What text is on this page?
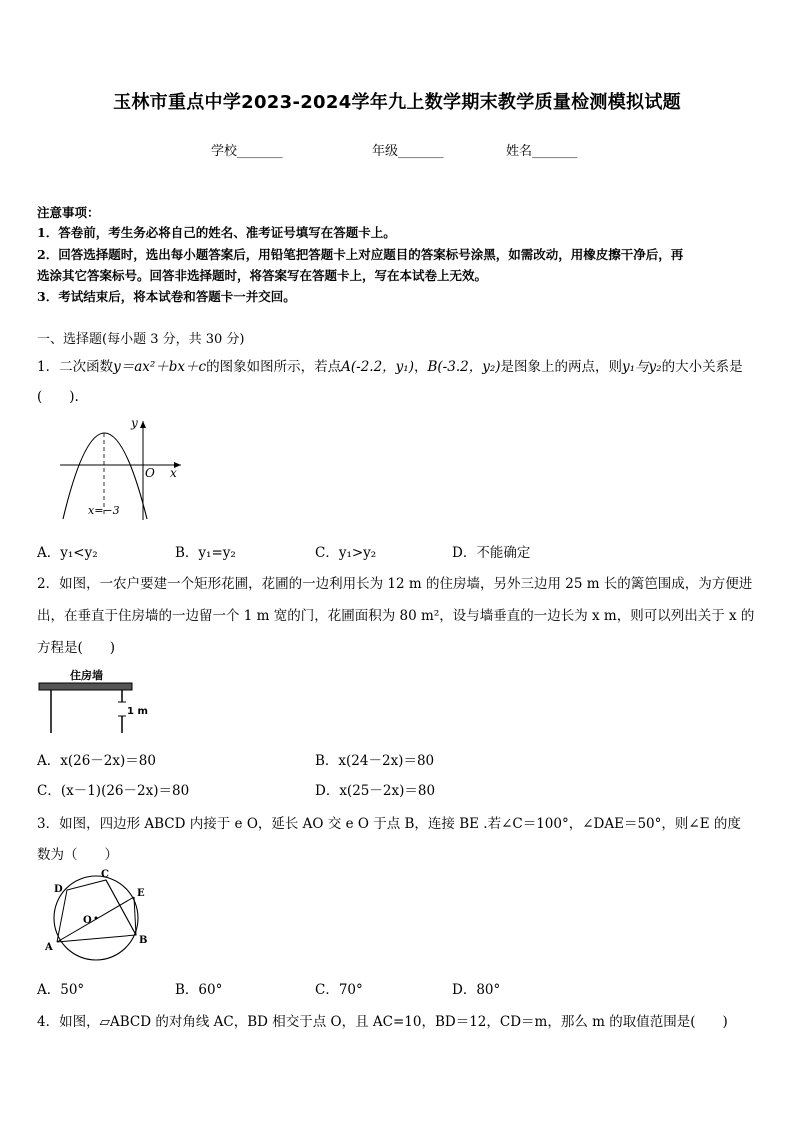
玉林市重点中学2023-2024学年九上数学期末教学质量检测模拟试题
学校_______	年级_______	姓名_______
注意事项：
1．答卷前，考生务必将自己的姓名、准考证号填写在答题卡上。
2．回答选择题时，选出每小题答案后，用铅笔把答题卡上对应题目的答案标号涂黑，如需改动，用橡皮擦干净后，再
选涂其它答案标号。回答非选择题时，将答案写在答题卡上，写在本试卷上无效。
3．考试结束后，将本试卷和答题卡一并交回。
一、选择题(每小题 3 分，共 30 分)
1．二次函数y＝ax²＋bx＋c的图象如图所示，若点A(-2.2，y₁)，B(-3.2，y₂)是图象上的两点，则y₁与y₂的大小关系是
(　　).
y
O x
x=−3
A．y₁<y₂	B．y₁=y₂	C．y₁>y₂	D．不能确定
2．如图，一农户要建一个矩形花圃，花圃的一边利用长为 12 m 的住房墙，另外三边用 25 m 长的篱笆围成，为方便进
出，在垂直于住房墙的一边留一个 1 m 宽的门，花圃面积为 80 m²，设与墙垂直的一边长为 x m，则可以列出关于 x 的
方程是(　　)
住房墙
1 m
A．x(26－2x)＝80	B．x(24－2x)＝80
C．(x－1)(26－2x)＝80	D．x(25－2x)＝80
3．如图，四边形 ABCD 内接于 e O，延长 AO 交 e O 于点 B，连接 BE .若∠C＝100°，∠DAE＝50°，则∠E 的度
数为（　　）
A
B
C
D	E
O
A．50°	B．60°	C．70°	D．80°
4．如图，▱ABCD 的对角线 AC，BD 相交于点 O，且 AC=10，BD＝12，CD＝m，那么 m 的取值范围是(　　)
